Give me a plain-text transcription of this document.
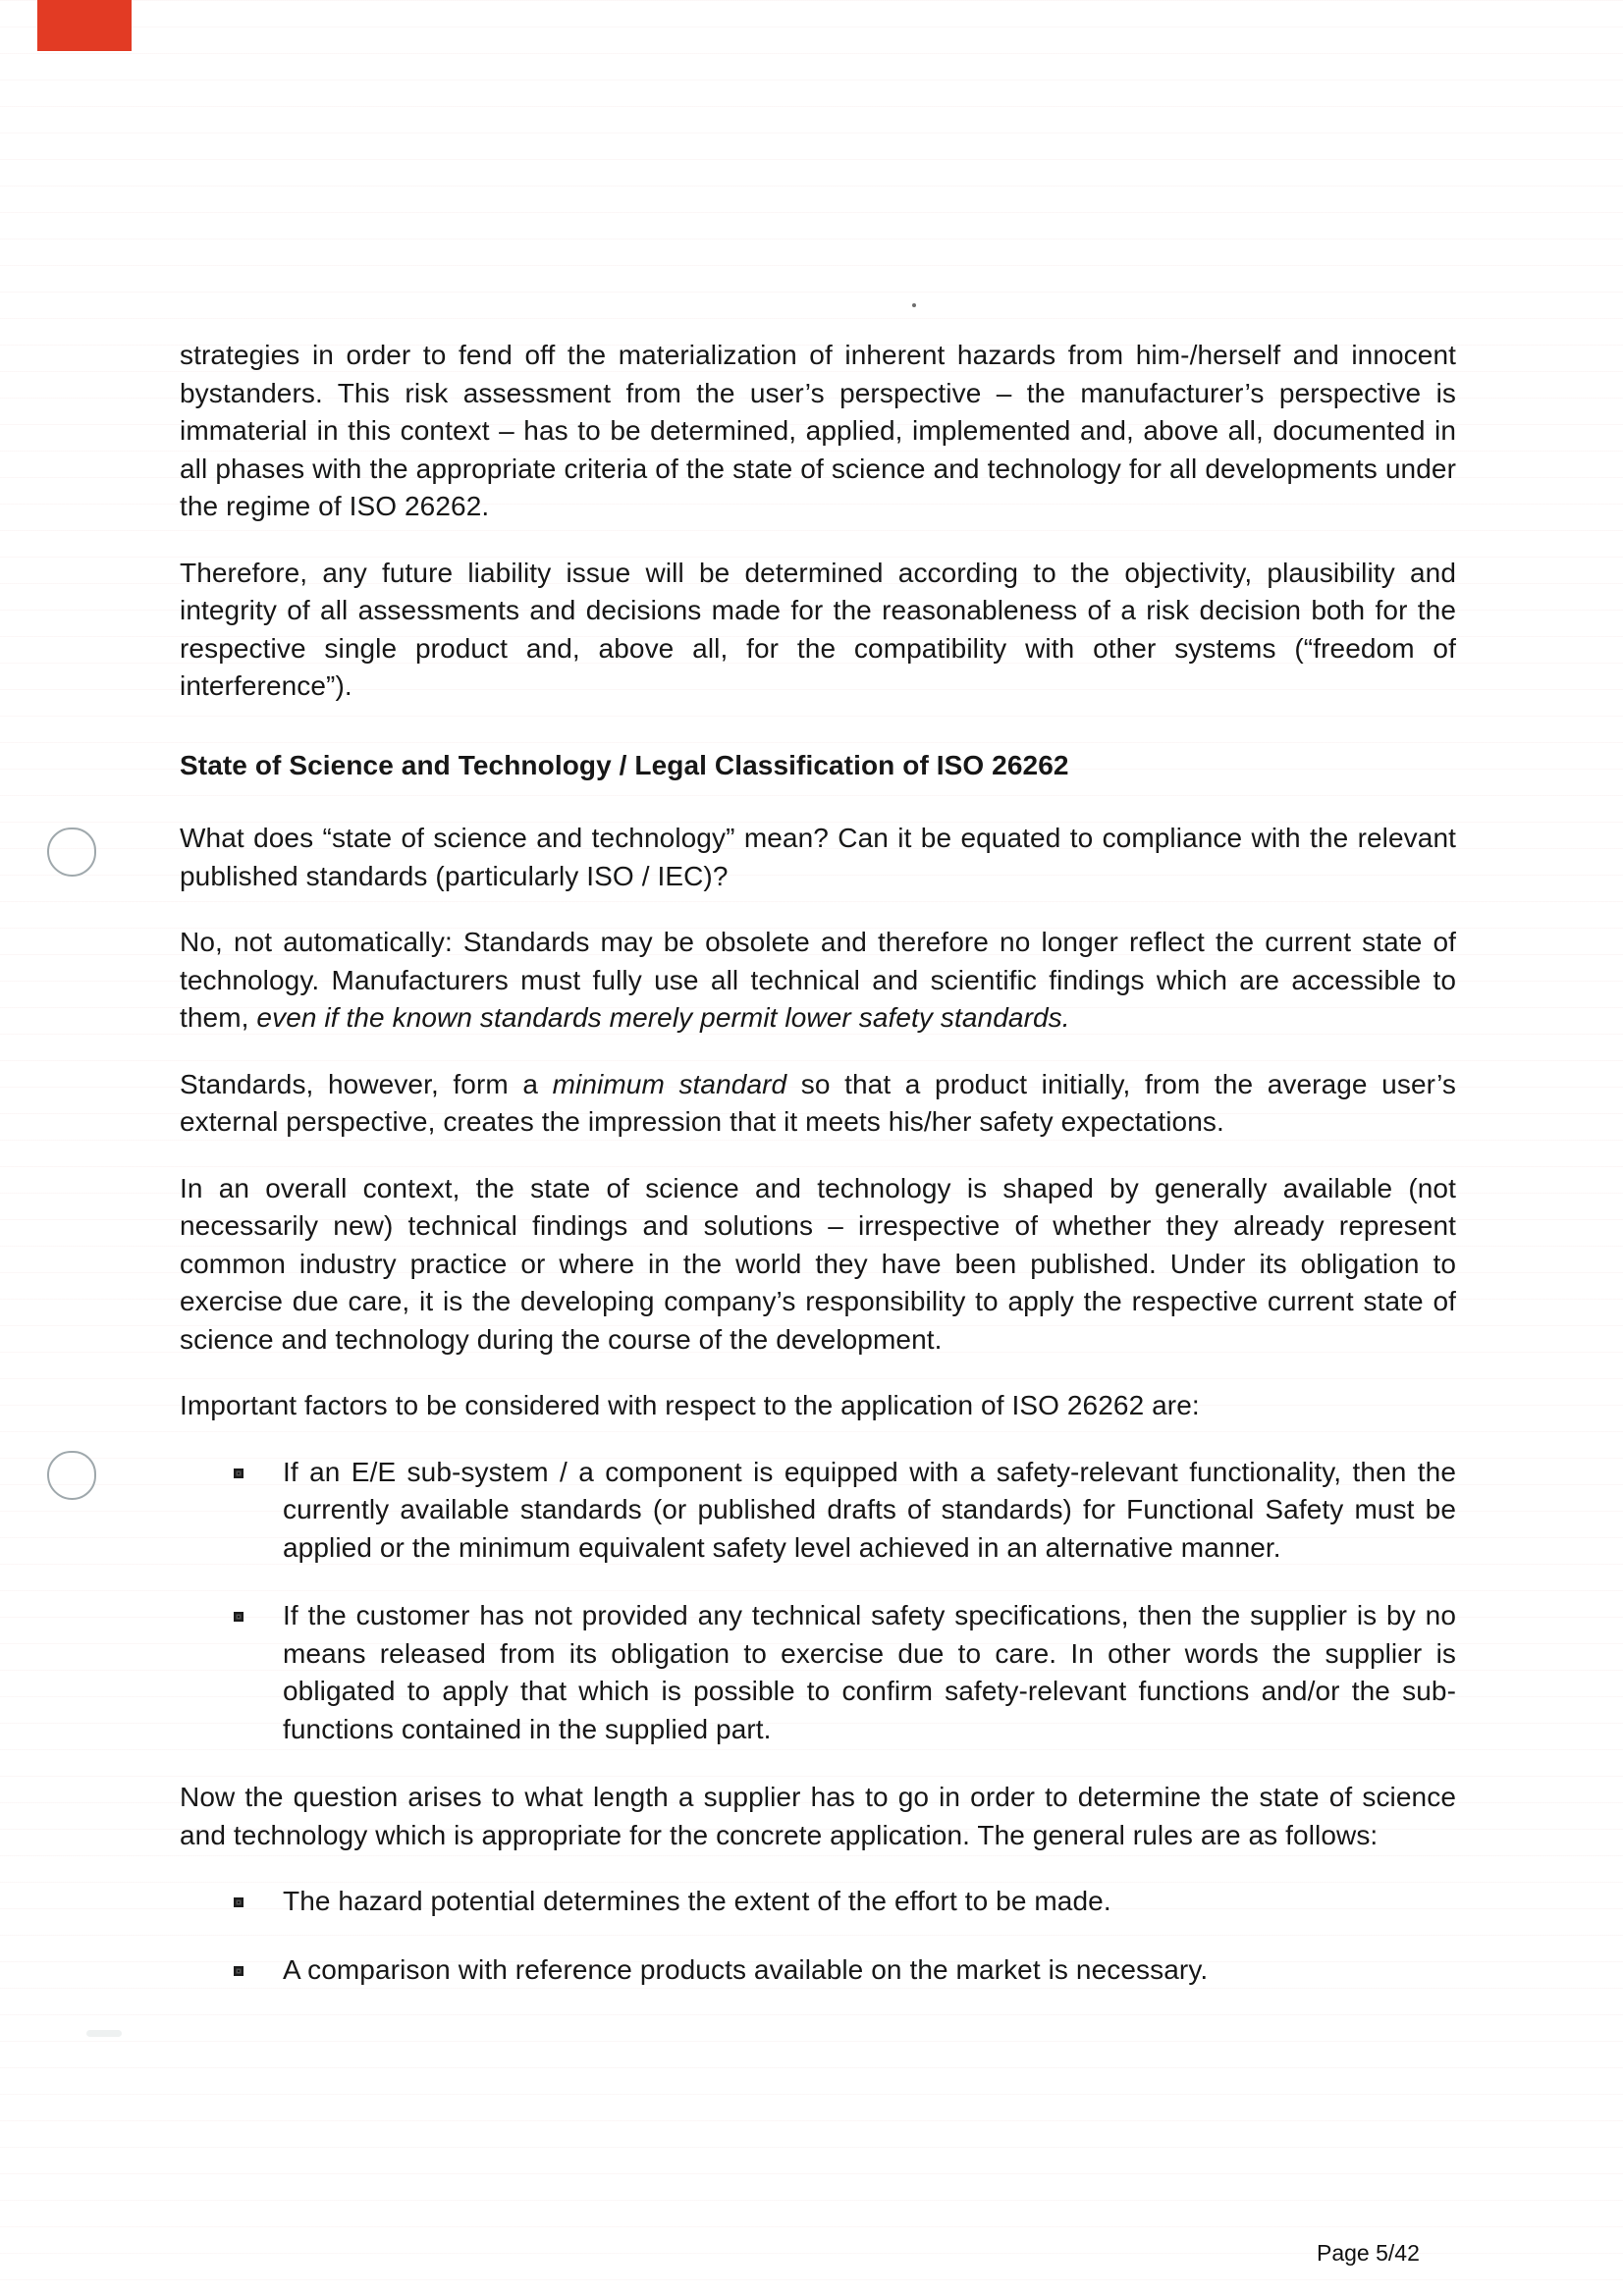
strategies in order to fend off the materialization of inherent hazards from him-/herself and innocent bystanders. This risk assessment from the user’s perspective – the manufacturer’s perspective is immaterial in this context – has to be determined, applied, implemented and, above all, documented in all phases with the appropriate criteria of the state of science and technology for all developments under the regime of ISO 26262.

Therefore, any future liability issue will be determined according to the objectivity, plausibility and integrity of all assessments and decisions made for the reasonableness of a risk decision both for the respective single product and, above all, for the compatibility with other systems (“freedom of interference”).

State of Science and Technology / Legal Classification of ISO 26262

What does “state of science and technology” mean? Can it be equated to compliance with the relevant published standards (particularly ISO / IEC)?

No, not automatically: Standards may be obsolete and therefore no longer reflect the current state of technology. Manufacturers must fully use all technical and scientific findings which are accessible to them, even if the known standards merely permit lower safety standards.

Standards, however, form a minimum standard so that a product initially, from the average user’s external perspective, creates the impression that it meets his/her safety expectations.

In an overall context, the state of science and technology is shaped by generally available (not necessarily new) technical findings and solutions – irrespective of whether they already represent common industry practice or where in the world they have been published. Under its obligation to exercise due care, it is the developing company’s responsibility to apply the respective current state of science and technology during the course of the development.

Important factors to be considered with respect to the application of ISO 26262 are:

If an E/E sub-system / a component is equipped with a safety-relevant functionality, then the currently available standards (or published drafts of standards) for Functional Safety must be applied or the minimum equivalent safety level achieved in an alternative manner.
If the customer has not provided any technical safety specifications, then the supplier is by no means released from its obligation to exercise due to care. In other words the supplier is obligated to apply that which is possible to confirm safety-relevant functions and/or the sub-functions contained in the supplied part.

Now the question arises to what length a supplier has to go in order to determine the state of science and technology which is appropriate for the concrete application. The general rules are as follows:

The hazard potential determines the extent of the effort to be made.
A comparison with reference products available on the market is necessary.
Page 5/42
